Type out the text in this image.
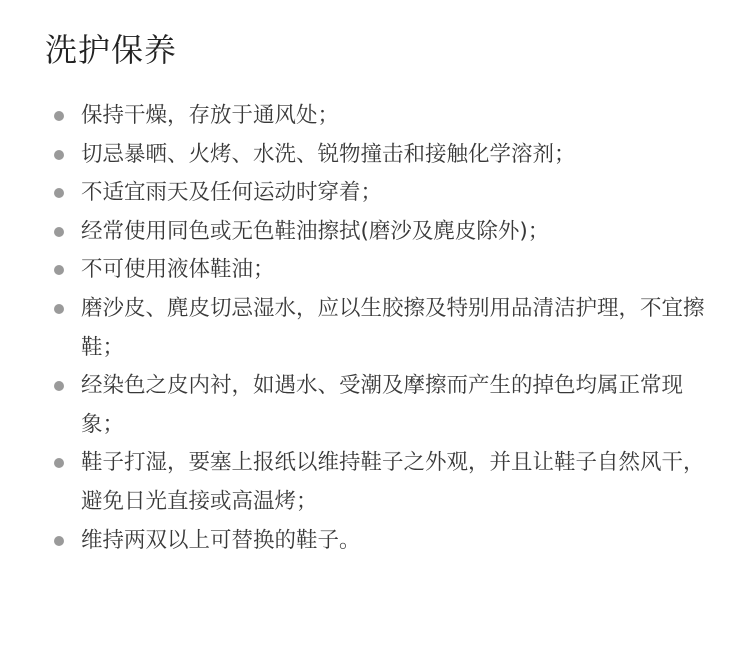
洗护保养
保持干燥，存放于通风处；
切忌暴晒、火烤、水洗、锐物撞击和接触化学溶剂；
不适宜雨天及任何运动时穿着；
经常使用同色或无色鞋油擦拭(磨沙及麂皮除外)；
不可使用液体鞋油；
磨沙皮、麂皮切忌湿水，应以生胶擦及特别用品清洁护理，不宜擦鞋；
经染色之皮内衬，如遇水、受潮及摩擦而产生的掉色均属正常现象；
鞋子打湿，要塞上报纸以维持鞋子之外观，并且让鞋子自然风干，避免日光直接或高温烤；
维持两双以上可替换的鞋子。
